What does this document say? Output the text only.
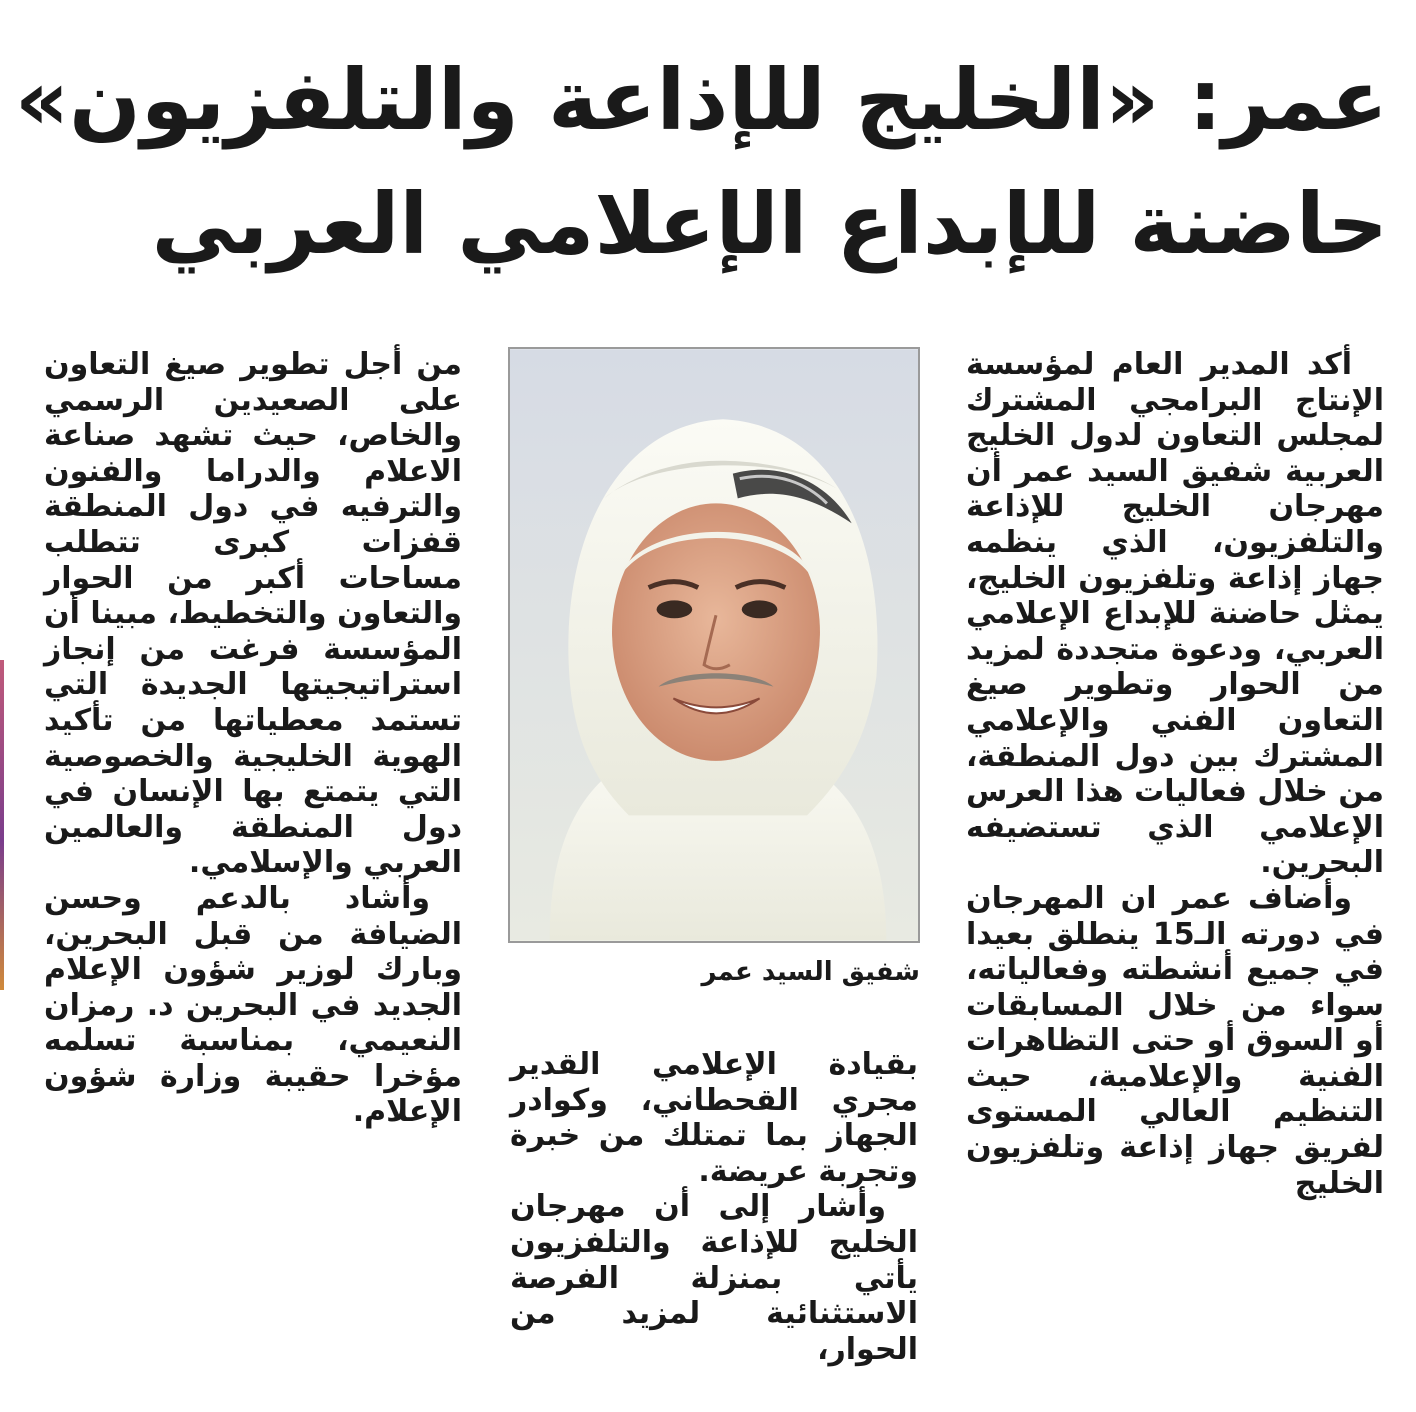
عمر: «الخليج للإذاعة والتلفزيون»
حاضنة للإبداع الإعلامي العربي

أكد المدير العام لمؤسسة الإنتاج البرامجي المشترك لمجلس التعاون لدول الخليج العربية شفيق السيد عمر أن مهرجان الخليج للإذاعة والتلفزيون، الذي ينظمه جهاز إذاعة وتلفزيون الخليج، يمثل حاضنة للإبداع الإعلامي العربي، ودعوة متجددة لمزيد من الحوار وتطوير صيغ التعاون الفني والإعلامي المشترك بين دول المنطقة، من خلال فعاليات هذا العرس الإعلامي الذي تستضيفه البحرين.

وأضاف عمر ان المهرجان في دورته الـ15 ينطلق بعيدا في جميع أنشطته وفعالياته، سواء من خلال المسابقات أو السوق أو حتى التظاهرات الفنية والإعلامية، حيث التنظيم العالي المستوى لفريق جهاز إذاعة وتلفزيون الخليج

شفيق السيد عمر

بقيادة الإعلامي القدير مجري القحطاني، وكوادر الجهاز بما تمتلك من خبرة وتجربة عريضة.

وأشار إلى أن مهرجان الخليج للإذاعة والتلفزيون يأتي بمنزلة الفرصة الاستثنائية لمزيد من الحوار،

من أجل تطوير صيغ التعاون على الصعيدين الرسمي والخاص، حيث تشهد صناعة الاعلام والدراما والفنون والترفيه في دول المنطقة قفزات كبرى تتطلب مساحات أكبر من الحوار والتعاون والتخطيط، مبينا أن المؤسسة فرغت من إنجاز استراتيجيتها الجديدة التي تستمد معطياتها من تأكيد الهوية الخليجية والخصوصية التي يتمتع بها الإنسان في دول المنطقة والعالمين العربي والإسلامي.

وأشاد بالدعم وحسن الضيافة من قبل البحرين، وبارك لوزير شؤون الإعلام الجديد في البحرين د. رمزان النعيمي، بمناسبة تسلمه مؤخرا حقيبة وزارة شؤون الإعلام.
